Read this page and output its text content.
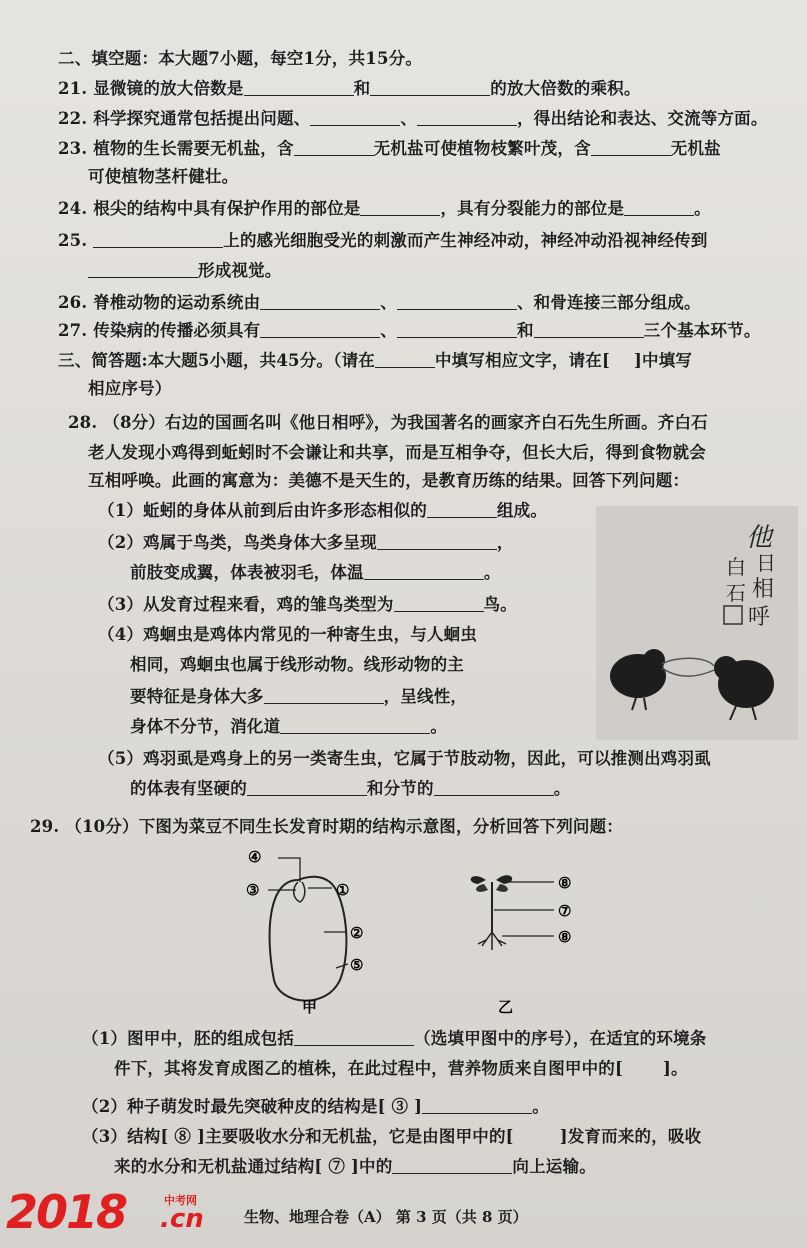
二、填空题：本大题7小题，每空1分，共15分。
21. 显微镜的放大倍数是	和	的放大倍数的乘积。
22. 科学探究通常包括提出问题、	、	，得出结论和表达、交流等方面。
23. 植物的生长需要无机盐，含	无机盐可使植物枝繁叶茂，含	无机盐
可使植物茎杆健壮。
24. 根尖的结构中具有保护作用的部位是	，具有分裂能力的部位是	。
25.	上的感光细胞受光的刺激而产生神经冲动，神经冲动沿视神经传到
形成视觉。
26. 脊椎动物的运动系统由	、	、和骨连接三部分组成。
27. 传染病的传播必须具有	、	和	三个基本环节。
三、简答题:本大题5小题，共45分。（请在	中填写相应文字，请在[ ]中填写
相应序号）
28. （8分）右边的国画名叫《他日相呼》，为我国著名的画家齐白石先生所画。齐白石
老人发现小鸡得到蚯蚓时不会谦让和共享，而是互相争夺，但长大后，得到食物就会
互相呼唤。此画的寓意为：美德不是天生的，是教育历练的结果。回答下列问题：
（1）蚯蚓的身体从前到后由许多形态相似的	组成。
（2）鸡属于鸟类，鸟类身体大多呈现	，
前肢变成翼，体表被羽毛，体温	。
（3）从发育过程来看，鸡的雏鸟类型为	鸟。
（4）鸡蛔虫是鸡体内常见的一种寄生虫，与人蛔虫
相同，鸡蛔虫也属于线形动物。线形动物的主
要特征是身体大多	，呈线性，
身体不分节，消化道	。
（5）鸡羽虱是鸡身上的另一类寄生虫，它属于节肢动物，因此，可以推测出鸡羽虱
的体表有坚硬的	和分节的	。
他
日
白
相
石
呼
29. （10分）下图为菜豆不同生长发育时期的结构示意图，分析回答下列问题：
④
③	①
②
⑤
甲
⑧
⑦
⑧
乙
（1）图甲中，胚的组成包括	（选填甲图中的序号），在适宜的环境条
件下，其将发育成图乙的植株，在此过程中，营养物质来自图甲中的[ ]。
（2）种子萌发时最先突破种皮的结构是[ ③ ]	。
（3）结构[ ⑧ ]主要吸收水分和无机盐，它是由图甲中的[	]发育而来的，吸收
来的水分和无机盐通过结构[ ⑦ ]中的	向上运输。
生物、地理合卷（A） 第 3 页（共 8 页）
2018	中考网
.cn
